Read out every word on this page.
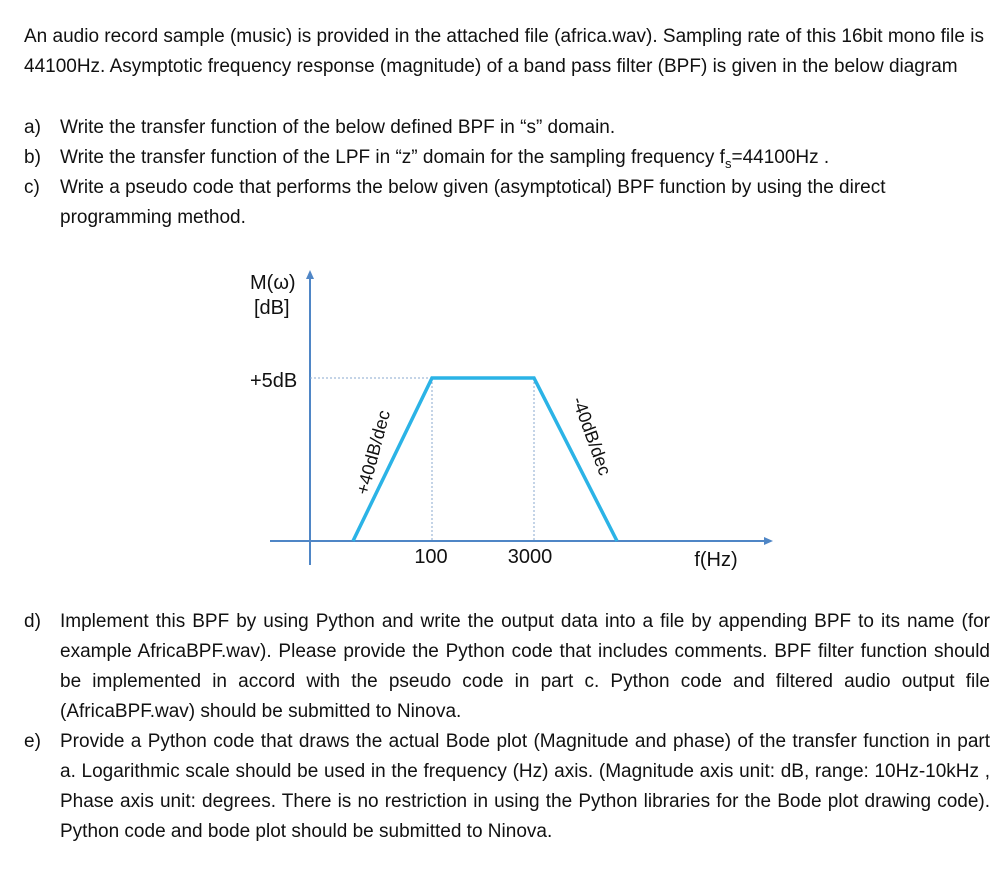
An audio record sample (music) is provided in the attached file (africa.wav). Sampling rate of this 16bit mono file is 44100Hz. Asymptotic frequency response (magnitude) of a band pass filter (BPF) is given in the below diagram
a)	Write the transfer function of the below defined BPF in “s” domain.
b)	Write the transfer function of the LPF in “z” domain for the sampling frequency $f_s=44100Hz$ .
c)	Write a pseudo code that performs the below given (asymptotical) BPF function by using the direct programming method.
M(ω)
[dB]
+5dB
100	3000	f(Hz)
+40dB/dec	-40dB/dec
d)	Implement this BPF by using Python and write the output data into a file by appending BPF to its name (for example AfricaBPF.wav). Please provide the Python code that includes comments. BPF filter function should be implemented in accord with the pseudo code in part c. Python code and filtered audio output file (AfricaBPF.wav) should be submitted to Ninova.
e)	Provide a Python code that draws the actual Bode plot (Magnitude and phase) of the transfer function in part a. Logarithmic scale should be used in the frequency (Hz) axis. (Magnitude axis unit: dB, range: 10Hz-10kHz , Phase axis unit: degrees. There is no restriction in using the Python libraries for the Bode plot drawing code). Python code and bode plot should be submitted to Ninova.
